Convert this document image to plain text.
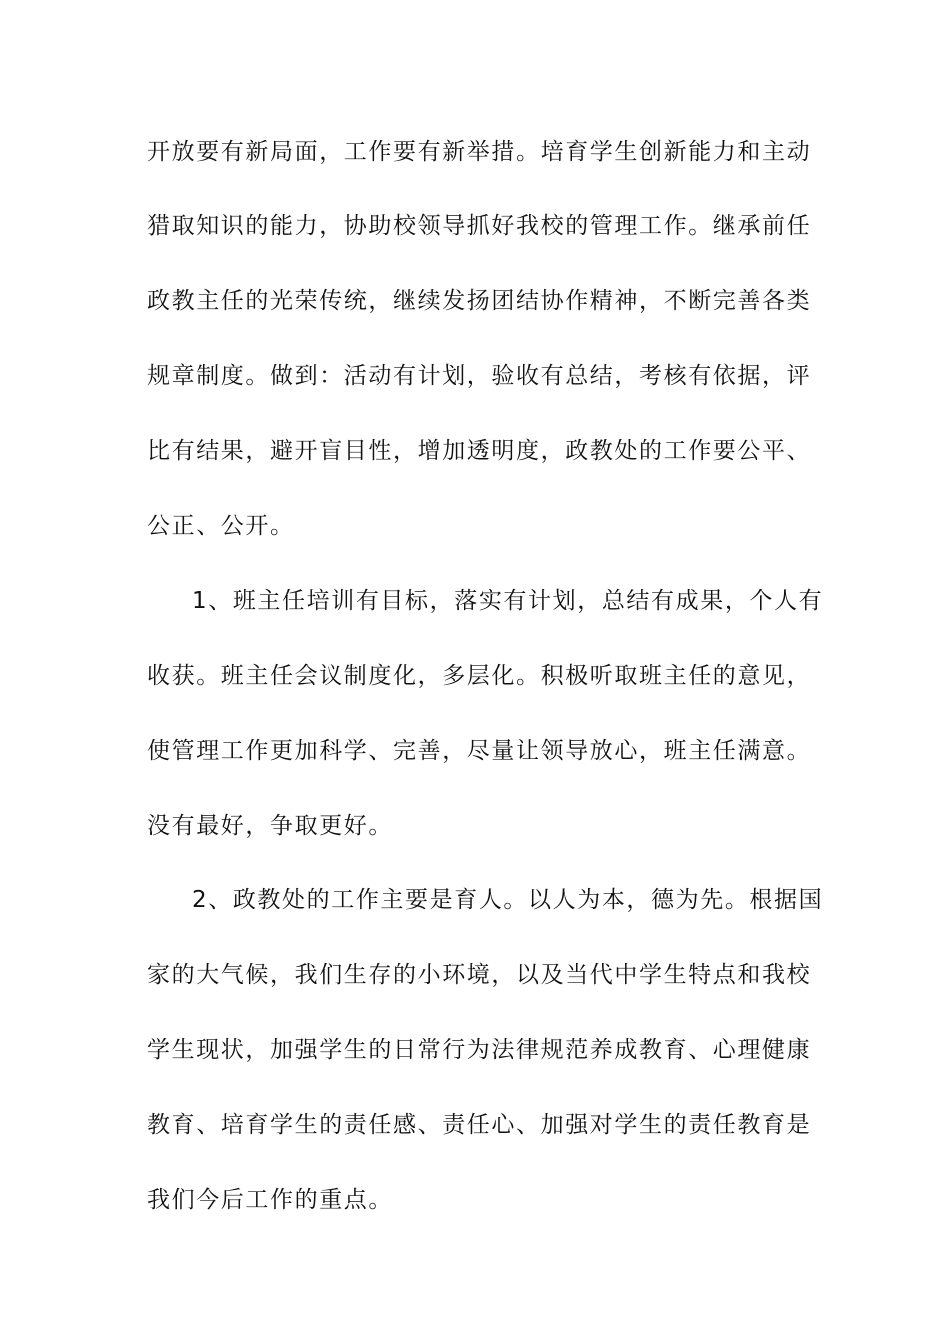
开放要有新局面，工作要有新举措。培育学生创新能力和主动
猎取知识的能力，协助校领导抓好我校的管理工作。继承前任
政教主任的光荣传统，继续发扬团结协作精神，不断完善各类
规章制度。做到：活动有计划，验收有总结，考核有依据，评
比有结果，避开盲目性，增加透明度，政教处的工作要公平、
公正、公开。
1、班主任培训有目标，落实有计划，总结有成果，个人有
收获。班主任会议制度化，多层化。积极听取班主任的意见，
使管理工作更加科学、完善，尽量让领导放心，班主任满意。
没有最好，争取更好。
2、政教处的工作主要是育人。以人为本，德为先。根据国
家的大气候，我们生存的小环境，以及当代中学生特点和我校
学生现状，加强学生的日常行为法律规范养成教育、心理健康
教育、培育学生的责任感、责任心、加强对学生的责任教育是
我们今后工作的重点。
